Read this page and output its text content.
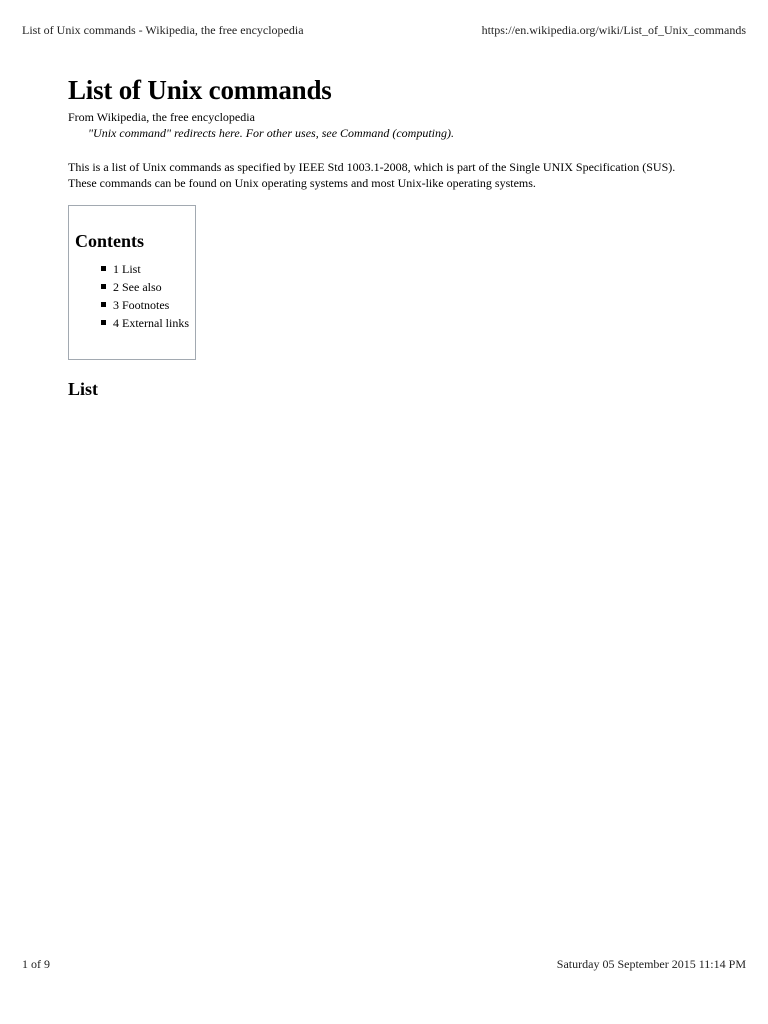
List of Unix commands - Wikipedia, the free encyclopedia	https://en.wikipedia.org/wiki/List_of_Unix_commands
List of Unix commands
From Wikipedia, the free encyclopedia
"Unix command" redirects here. For other uses, see Command (computing).
This is a list of Unix commands as specified by IEEE Std 1003.1-2008, which is part of the Single UNIX Specification (SUS). These commands can be found on Unix operating systems and most Unix-like operating systems.
Contents
1 List
2 See also
3 Footnotes
4 External links
List
1 of 9	Saturday 05 September 2015 11:14 PM
